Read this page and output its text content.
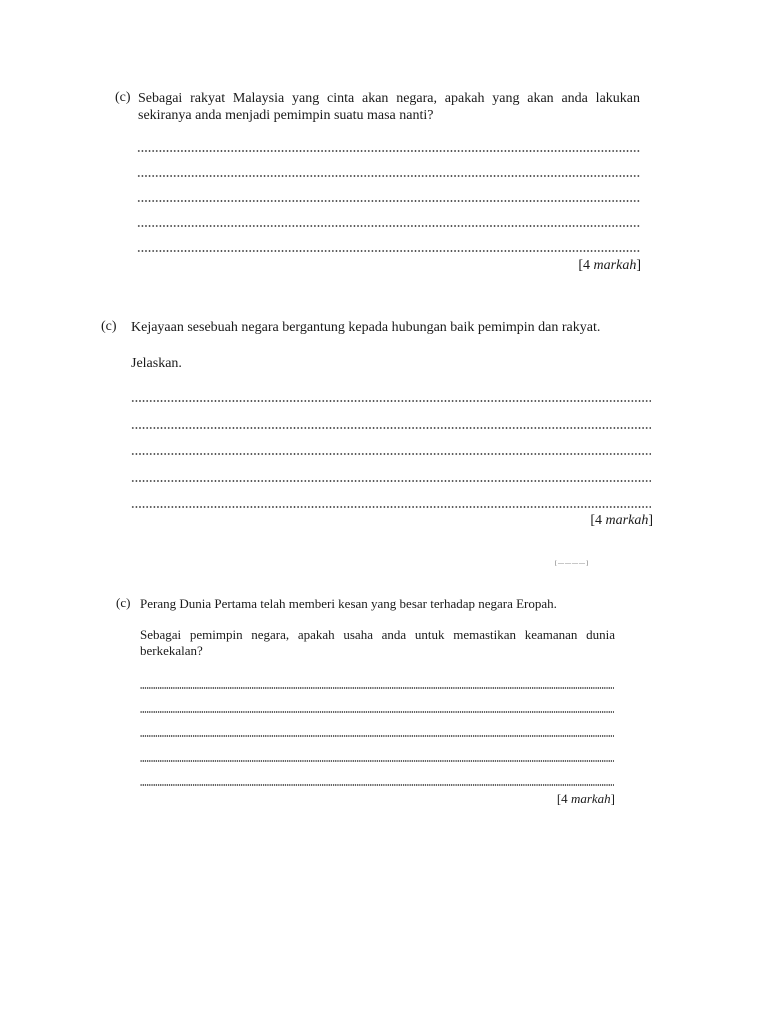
(c) Sebagai rakyat Malaysia yang cinta akan negara, apakah yang akan anda lakukan sekiranya anda menjadi pemimpin suatu masa nanti?
[4 markah]
(c) Kejayaan sesebuah negara bergantung kepada hubungan baik pemimpin dan rakyat.
Jelaskan.
[4 markah]
[————]
(c) Perang Dunia Pertama telah memberi kesan yang besar terhadap negara Eropah.
Sebagai pemimpin negara, apakah usaha anda untuk memastikan keamanan dunia berkekalan?
[4 markah]
